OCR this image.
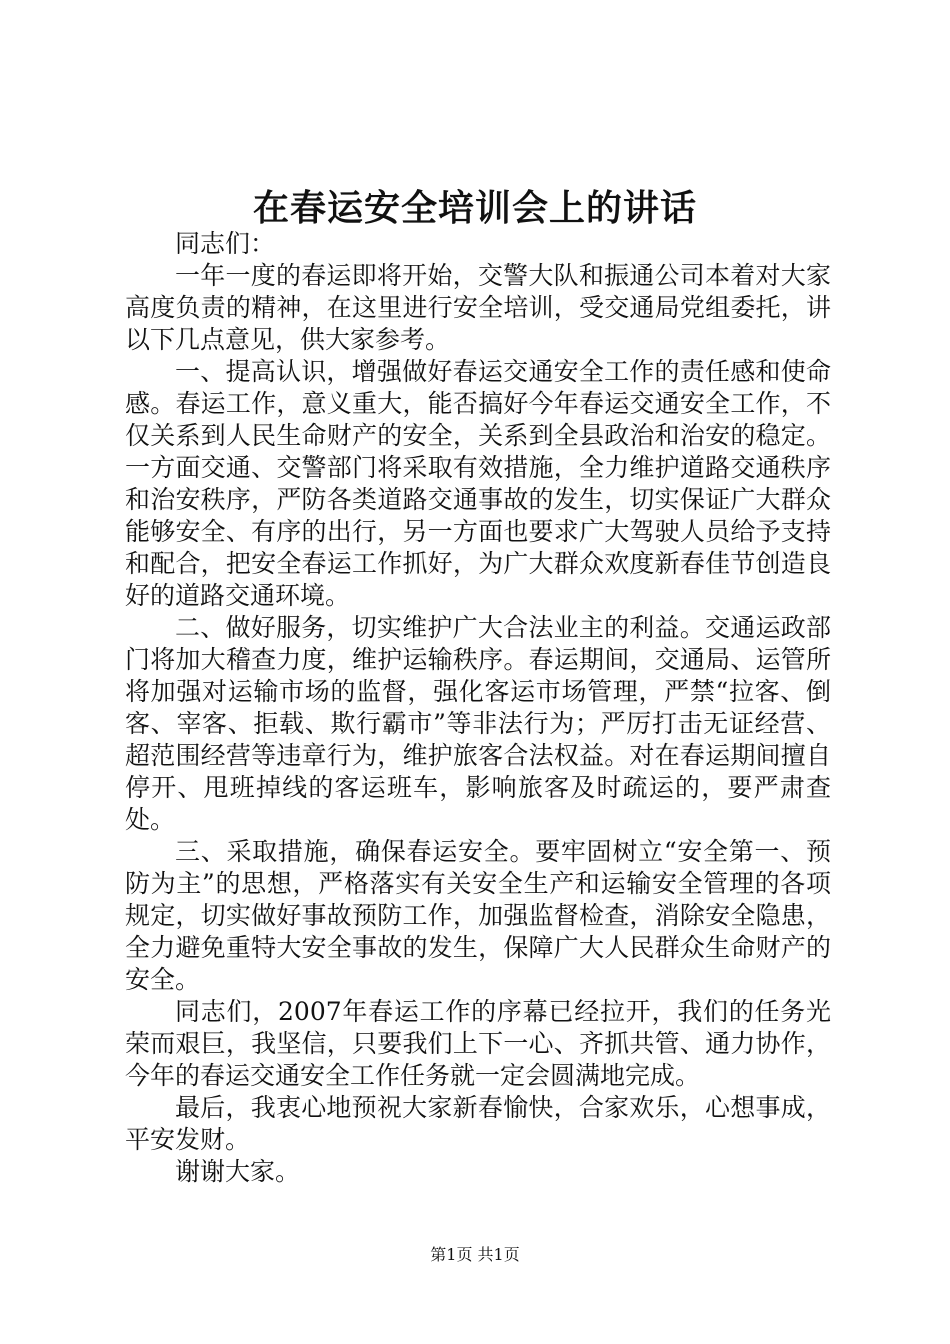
在春运安全培训会上的讲话

同志们：

一年一度的春运即将开始，交警大队和振通公司本着对大家高度负责的精神，在这里进行安全培训，受交通局党组委托，讲以下几点意见，供大家参考。

一、提高认识，增强做好春运交通安全工作的责任感和使命感。春运工作，意义重大，能否搞好今年春运交通安全工作，不仅关系到人民生命财产的安全，关系到全县政治和治安的稳定。一方面交通、交警部门将采取有效措施，全力维护道路交通秩序和治安秩序，严防各类道路交通事故的发生，切实保证广大群众能够安全、有序的出行，另一方面也要求广大驾驶人员给予支持和配合，把安全春运工作抓好，为广大群众欢度新春佳节创造良好的道路交通环境。

二、做好服务，切实维护广大合法业主的利益。交通运政部门将加大稽查力度，维护运输秩序。春运期间，交通局、运管所将加强对运输市场的监督，强化客运市场管理，严禁“拉客、倒客、宰客、拒载、欺行霸市”等非法行为；严厉打击无证经营、超范围经营等违章行为，维护旅客合法权益。对在春运期间擅自停开、甩班掉线的客运班车，影响旅客及时疏运的，要严肃查处。

三、采取措施，确保春运安全。要牢固树立“安全第一、预防为主”的思想，严格落实有关安全生产和运输安全管理的各项规定，切实做好事故预防工作，加强监督检查，消除安全隐患，全力避免重特大安全事故的发生，保障广大人民群众生命财产的安全。

同志们，2007年春运工作的序幕已经拉开，我们的任务光荣而艰巨，我坚信，只要我们上下一心、齐抓共管、通力协作，今年的春运交通安全工作任务就一定会圆满地完成。

最后，我衷心地预祝大家新春愉快，合家欢乐，心想事成，平安发财。

谢谢大家。

第1页 共1页
